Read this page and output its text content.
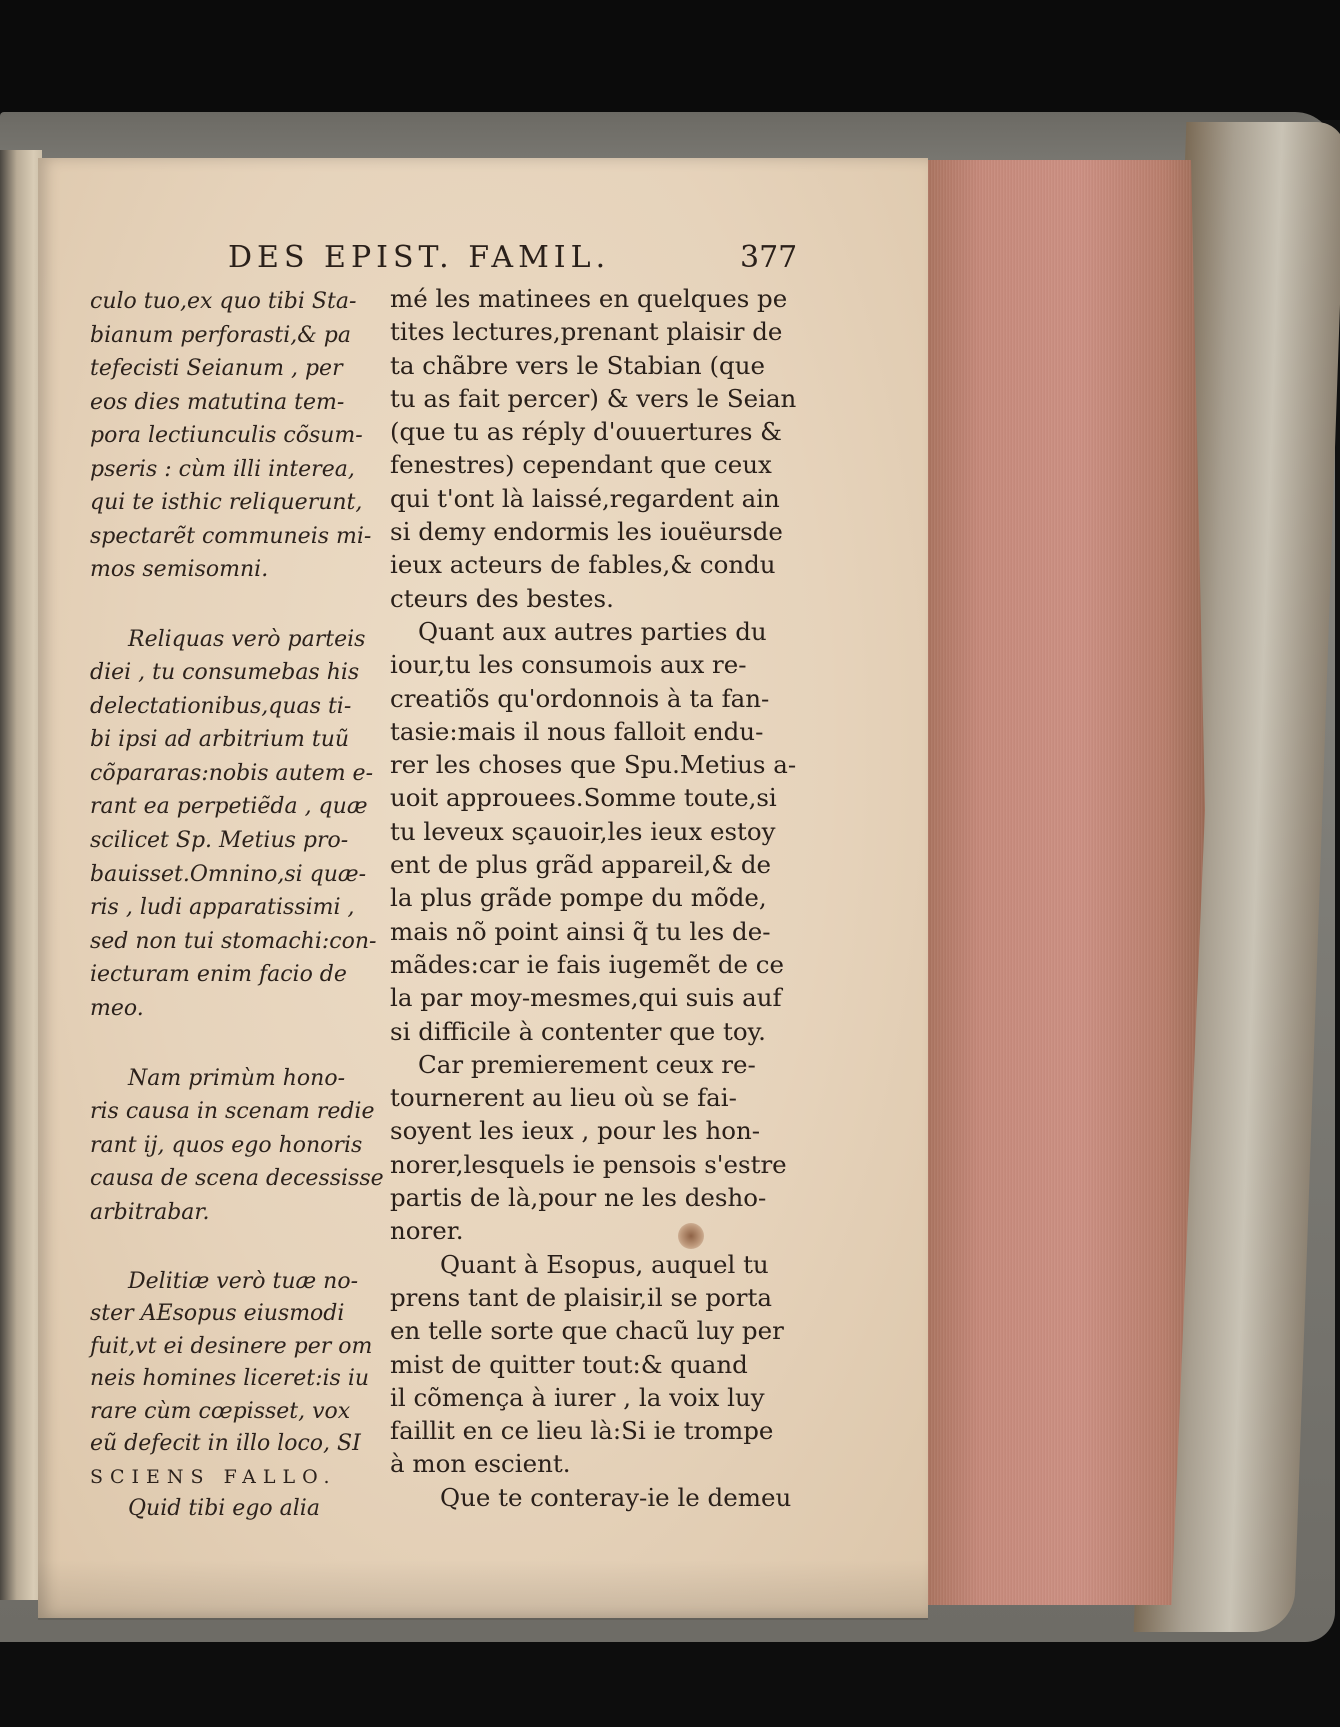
DES EPIST. FAMIL.	377
culo tuo,ex quo tibi Sta-
bianum perforasti,& pa
tefecisti Seianum , per
eos dies matutina tem-
pora lectiunculis cõsum-
pseris : cùm illi interea,
qui te isthic reliquerunt,
spectarẽt communeis mi-
mos semisomni.
Reliquas verò parteis
diei , tu consumebas his
delectationibus,quas ti-
bi ipsi ad arbitrium tuũ
cõpararas:nobis autem e-
rant ea perpetiẽda , quæ
scilicet Sp. Metius pro-
bauisset.Omnino,si quæ-
ris , ludi apparatissimi ,
sed non tui stomachi:con-
iecturam enim facio de
meo.
Nam primùm hono-
ris causa in scenam redie
rant ij, quos ego honoris
causa de scena decessisse
arbitrabar.
Delitiæ verò tuæ no-
ster AEsopus eiusmodi
fuit,vt ei desinere per om
neis homines liceret:is iu
rare cùm cœpisset, vox
eũ defecit in illo loco, SI
SCIENS FALLO.
Quid tibi ego alia
mé les matinees en quelques pe
tites lectures,prenant plaisir de
ta chãbre vers le Stabian (que
tu as fait percer) & vers le Seian
(que tu as réply d'ouuertures &
fenestres) cependant que ceux
qui t'ont là laissé,regardent ain
si demy endormis les iouëursde
ieux acteurs de fables,& condu
cteurs des bestes.
Quant aux autres parties du
iour,tu les consumois aux re-
creatiõs qu'ordonnois à ta fan-
tasie:mais il nous falloit endu-
rer les choses que Spu.Metius a-
uoit approuees.Somme toute,si
tu leveux sçauoir,les ieux estoy
ent de plus grãd appareil,& de
la plus grãde pompe du mõde,
mais nõ point ainsi q̃ tu les de-
mãdes:car ie fais iugemẽt de ce
la par moy-mesmes,qui suis auf
si difficile à contenter que toy.
Car premierement ceux re-
tournerent au lieu où se fai-
soyent les ieux , pour les hon-
norer,lesquels ie pensois s'estre
partis de là,pour ne les desho-
norer.
Quant à Esopus, auquel tu
prens tant de plaisir,il se porta
en telle sorte que chacũ luy per
mist de quitter tout:& quand
il cõmença à iurer , la voix luy
faillit en ce lieu là:Si ie trompe
à mon escient.
Que te conteray-ie le demeu
